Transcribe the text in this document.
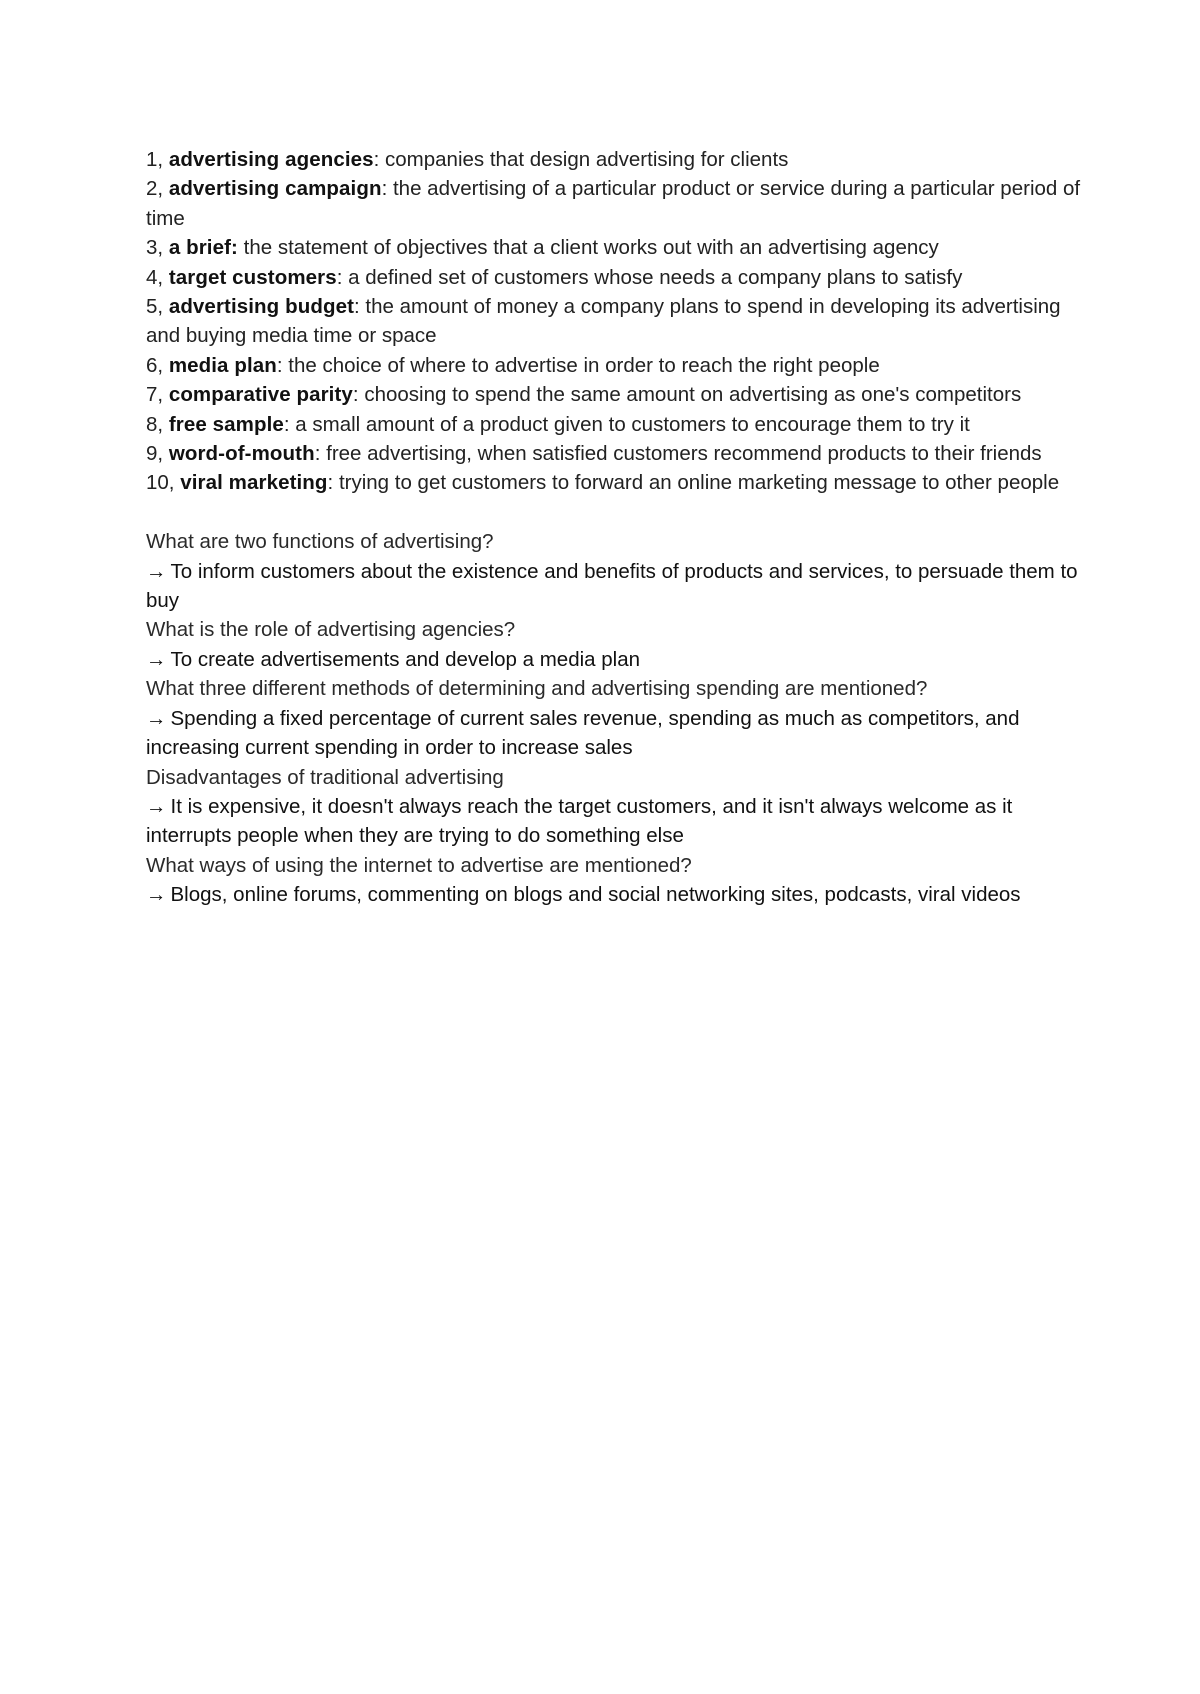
1, advertising agencies: companies that design advertising for clients

2, advertising campaign: the advertising of a particular product or service during a particular period of time

3, a brief: the statement of objectives that a client works out with an advertising agency

4, target customers: a defined set of customers whose needs a company plans to satisfy

5, advertising budget: the amount of money a company plans to spend in developing its advertising and buying media time or space

6, media plan: the choice of where to advertise in order to reach the right people

7, comparative parity: choosing to spend the same amount on advertising as one's competitors

8, free sample: a small amount of a product given to customers to encourage them to try it

9, word-of-mouth: free advertising, when satisfied customers recommend products to their friends

10, viral marketing: trying to get customers to forward an online marketing message to other people

What are two functions of advertising?

→ To inform customers about the existence and benefits of products and services, to persuade them to buy

What is the role of advertising agencies?

→ To create advertisements and develop a media plan

What three different methods of determining and advertising spending are mentioned?

→ Spending a fixed percentage of current sales revenue, spending as much as competitors, and increasing current spending in order to increase sales

Disadvantages of traditional advertising

→ It is expensive, it doesn't always reach the target customers, and it isn't always welcome as it interrupts people when they are trying to do something else

What ways of using the internet to advertise are mentioned?

→ Blogs, online forums, commenting on blogs and social networking sites, podcasts, viral videos
